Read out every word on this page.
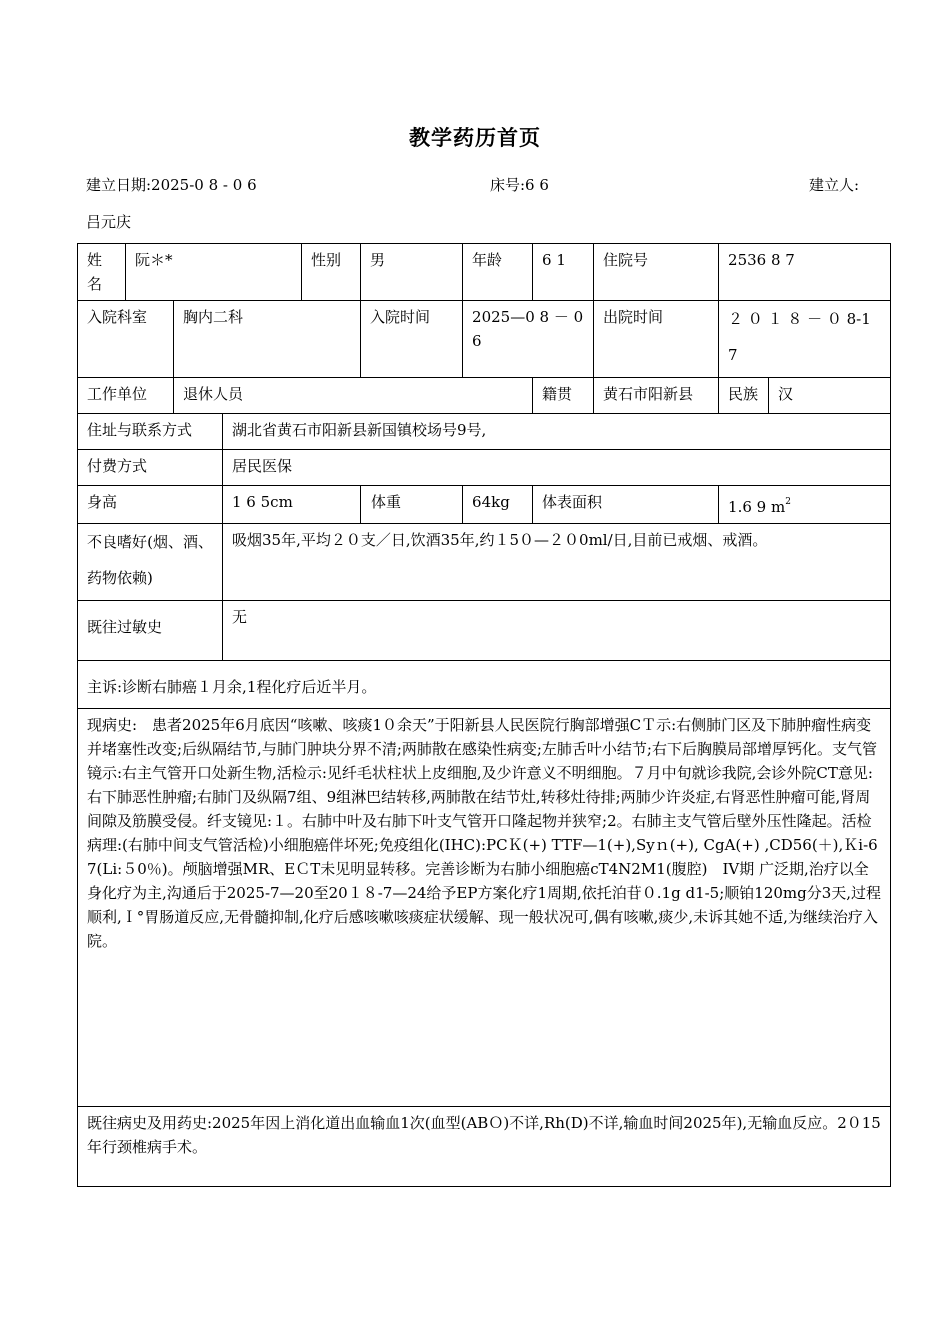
教学药历首页
建立日期:2025-0 8 - 0 6	床号:6 6	建立人:
吕元庆
姓名	阮＊*			性别	男	年龄	6 1	住院号	2536 8 7	
入院科室		胸内二科			入院时间	2025—0 8 － 0 6		出院时间	２ ０ １ ８ － ０ 8-1 7	
工作单位		退休人员					籍贯	黄石市阳新县	民族	汉
住址与联系方式			湖北省黄石市阳新县新国镇校场号9号,							
付费方式			居民医保							
身高			1 6 5cm		体重	64kg	体表面积		1.6 9 $m^2$
不良嗜好(烟、酒、药物依赖)			吸烟35年,平均２０支／日,饮酒35年,约１5０—２０0ml/日,目前已戒烟、戒酒。							
既往过敏史			无							
主诉:诊断右肺癌１月余,1程化疗后近半月。										
现病史:　患者2025年6月底因“咳嗽、咳痰1０余天”于阳新县人民医院行胸部增强CＴ示:右侧肺门区及下肺肿瘤性病变并堵塞性改变;后纵隔结节,与肺门肿块分界不清;两肺散在感染性病变;左肺舌叶小结节;右下后胸膜局部增厚钙化。支气管镜示:右主气管开口处新生物,活检示:见纤毛状柱状上皮细胞,及少许意义不明细胞。７月中旬就诊我院,会诊外院CT意见:右下肺恶性肿瘤;右肺门及纵隔7组、9组淋巴结转移,两肺散在结节灶,转移灶待排;两肺少许炎症,右肾恶性肿瘤可能,肾周间隙及筋膜受侵。纤支镜见:１。右肺中叶及右肺下叶支气管开口隆起物并狭窄;2。右肺主支气管后壁外压性隆起。活检病理:(右肺中间支气管活检)小细胞癌伴坏死;免疫组化(IHC):PCＫ(+) TTF—1(+),Syｎ(+), CgA(+) ,CD56(＋),Ｋi-67(Li:５0％)。颅脑增强MR、EＣT未见明显转移。完善诊断为右肺小细胞癌cT4N2M1(腹腔)　IV期 广泛期,治疗以全身化疗为主,沟通后于2025-7—20至20１８-7—24给予EP方案化疗1周期,依托泊苷０.1g d1-5;顺铂120mg分3天,过程顺利,Ｉ°胃肠道反应,无骨髓抑制,化疗后感咳嗽咳痰症状缓解、现一般状况可,偶有咳嗽,痰少,未诉其她不适,为继续治疗入院。										
既往病史及用药史:2025年因上消化道出血输血1次(血型(ABＯ)不详,Rh(D)不详,输血时间2025年),无输血反应。2０15年行颈椎病手术。										
